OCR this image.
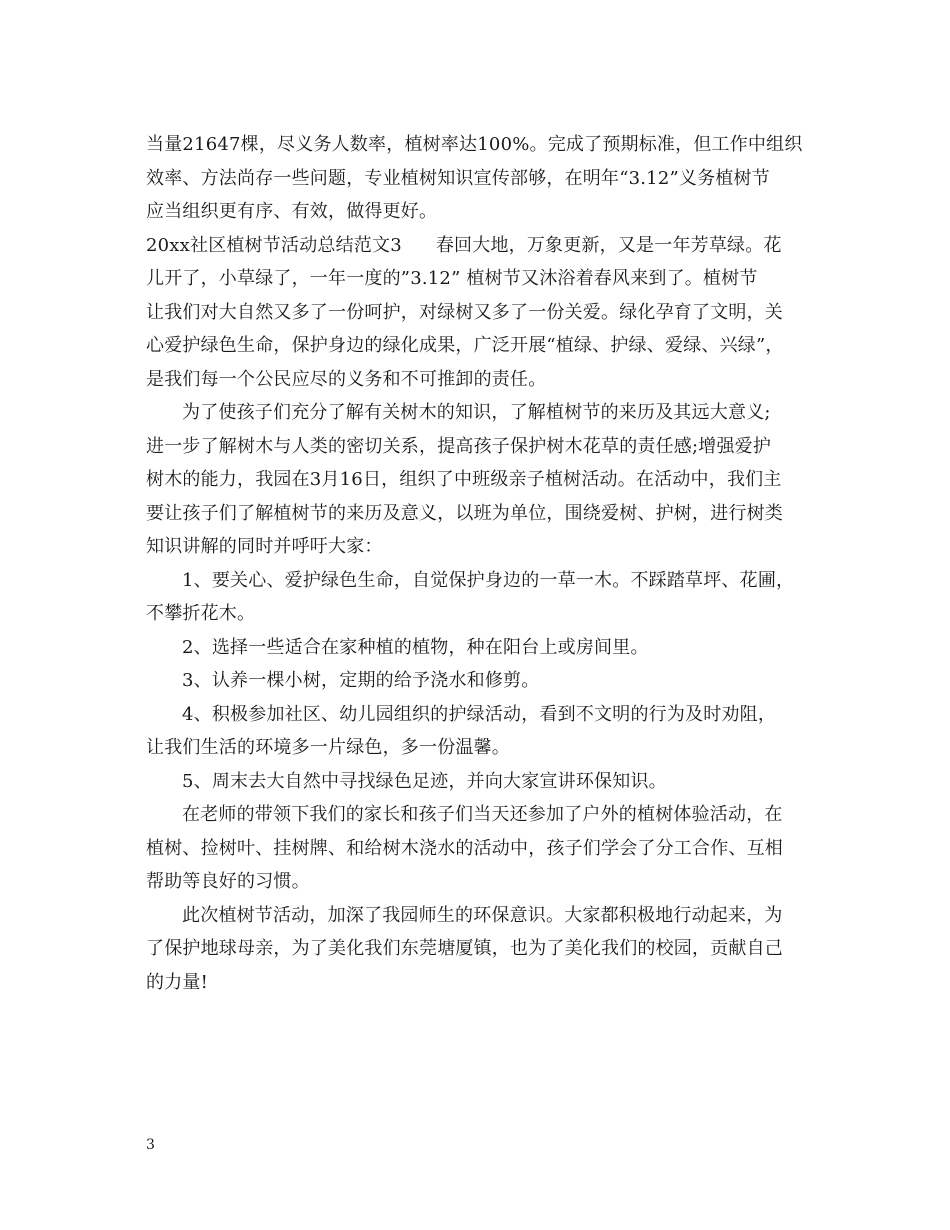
当量21647棵，尽义务人数率，植树率达100%。完成了预期标准，但工作中组织
效率、方法尚存一些问题，专业植树知识宣传部够，在明年“3.12”义务植树节
应当组织更有序、有效，做得更好。
20xx社区植树节活动总结范文3 春回大地，万象更新，又是一年芳草绿。花
儿开了，小草绿了，一年一度的”3.12” 植树节又沐浴着春风来到了。植树节
让我们对大自然又多了一份呵护，对绿树又多了一份关爱。绿化孕育了文明，关
心爱护绿色生命，保护身边的绿化成果，广泛开展“植绿、护绿、爱绿、兴绿”，
是我们每一个公民应尽的义务和不可推卸的责任。
为了使孩子们充分了解有关树木的知识，了解植树节的来历及其远大意义;
进一步了解树木与人类的密切关系，提高孩子保护树木花草的责任感;增强爱护
树木的能力，我园在3月16日，组织了中班级亲子植树活动。在活动中，我们主
要让孩子们了解植树节的来历及意义，以班为单位，围绕爱树、护树，进行树类
知识讲解的同时并呼吁大家：
1、要关心、爱护绿色生命，自觉保护身边的一草一木。不踩踏草坪、花圃，
不攀折花木。
2、选择一些适合在家种植的植物，种在阳台上或房间里。
3、认养一棵小树，定期的给予浇水和修剪。
4、积极参加社区、幼儿园组织的护绿活动，看到不文明的行为及时劝阻，
让我们生活的环境多一片绿色，多一份温馨。
5、周末去大自然中寻找绿色足迹，并向大家宣讲环保知识。
在老师的带领下我们的家长和孩子们当天还参加了户外的植树体验活动，在
植树、捡树叶、挂树牌、和给树木浇水的活动中，孩子们学会了分工合作、互相
帮助等良好的习惯。
此次植树节活动，加深了我园师生的环保意识。大家都积极地行动起来，为
了保护地球母亲，为了美化我们东莞塘厦镇，也为了美化我们的校园，贡献自己
的力量!
3
